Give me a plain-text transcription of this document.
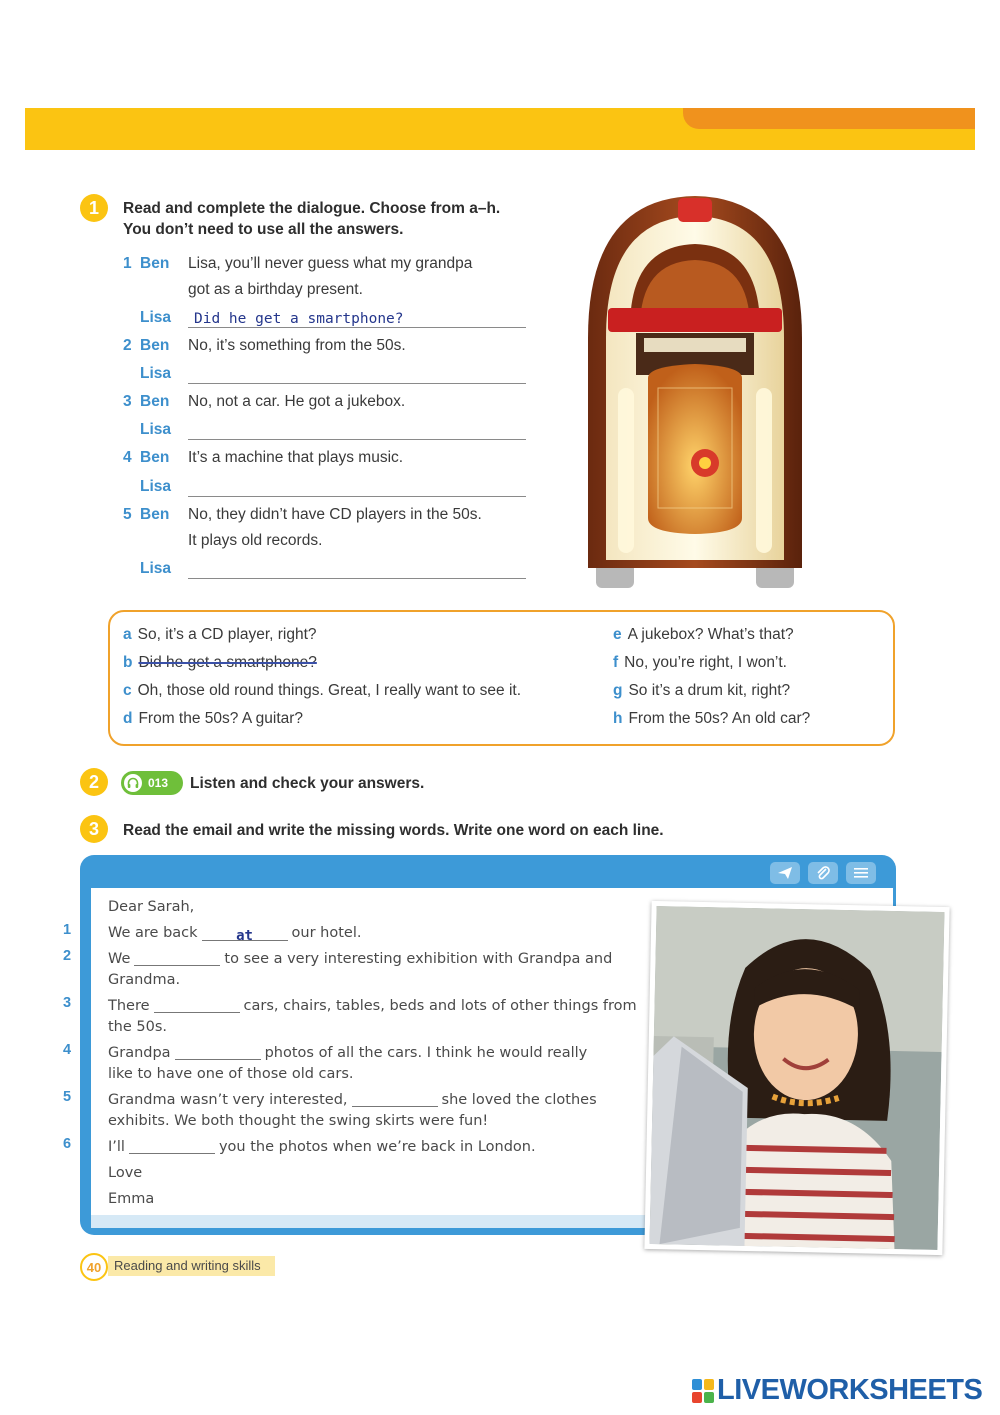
1	Read and complete the dialogue. Choose from a–h.
You don’t need to use all the answers.
1 Ben	Lisa, you’ll never guess what my grandpa
got as a birthday present.
Lisa	Did he get a smartphone?
2 Ben	No, it’s something from the 50s.
Lisa
3 Ben	No, not a car. He got a jukebox.
Lisa
4 Ben	It’s a machine that plays music.
Lisa
5 Ben	No, they didn’t have CD players in the 50s.
It plays old records.
Lisa
a So, it’s a CD player, right?
b Did he get a smartphone?
c Oh, those old round things. Great, I really want to see it.
d From the 50s? A guitar?
e A jukebox? What’s that?
f No, you’re right, I won’t.
g So it’s a drum kit, right?
h From the 50s? An old car?
2	013 Listen and check your answers.
3	Read the email and write the missing words. Write one word on each line.
Dear Sarah,
1	We are back	at	our hotel.
2	We	to see a very interesting exhibition with Grandpa and
Grandma.
3	There	cars, chairs, tables, beds and lots of other things from
the 50s.
4	Grandpa	photos of all the cars. I think he would really
like to have one of those old cars.
5	Grandma wasn’t very interested,	she loved the clothes
exhibits. We both thought the swing skirts were fun!
6	I’ll	you the photos when we’re back in London.
Love
Emma
40 Reading and writing skills
LIVEWORKSHEETS
